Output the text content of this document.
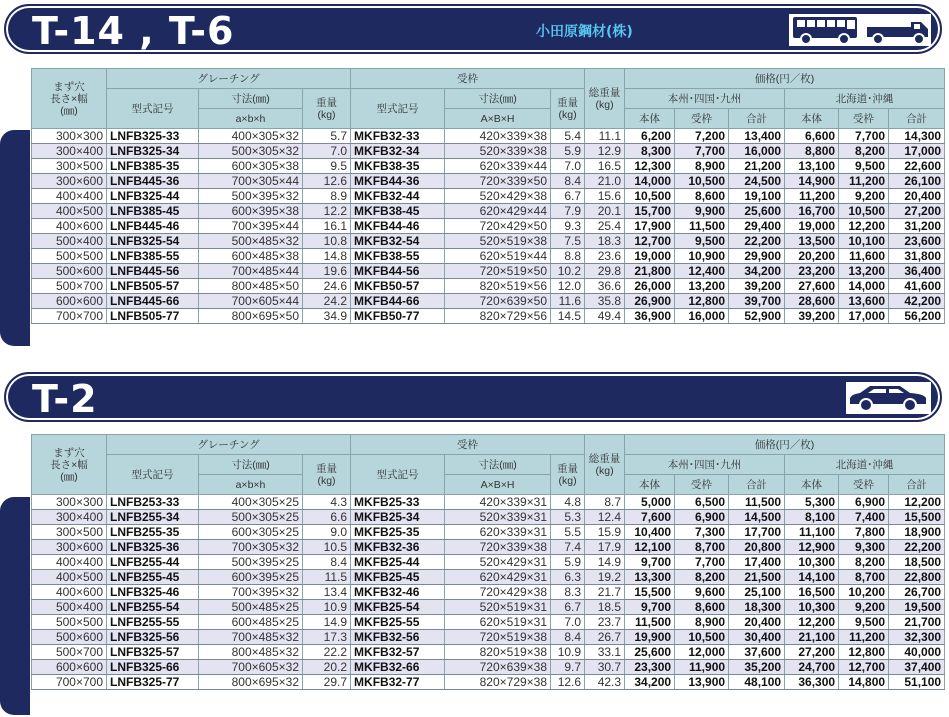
T-14 , T-6	小田原鋼材(株)
まず穴
長さ×幅
(㎜)	グレーチング			受枠			総重量
(kg)	価格(円／枚)					
	型式記号	寸法(㎜)	重量
(kg)	型式記号	寸法(㎜)	重量
(kg)		本州･四国･九州			北海道･沖縄		
		a×b×h			A×B×H			本体	受枠	合計	本体	受枠	合計
300×300	LNFB325-33	400×305×32	5.7	MKFB32-33	420×339×38	5.4	11.1	6,200	7,200	13,400	6,600	7,700	14,300
300×400	LNFB325-34	500×305×32	7.0	MKFB32-34	520×339×38	5.9	12.9	8,300	7,700	16,000	8,800	8,200	17,000
300×500	LNFB385-35	600×305×38	9.5	MKFB38-35	620×339×44	7.0	16.5	12,300	8,900	21,200	13,100	9,500	22,600
300×600	LNFB445-36	700×305×44	12.6	MKFB44-36	720×339×50	8.4	21.0	14,000	10,500	24,500	14,900	11,200	26,100
400×400	LNFB325-44	500×395×32	8.9	MKFB32-44	520×429×38	6.7	15.6	10,500	8,600	19,100	11,200	9,200	20,400
400×500	LNFB385-45	600×395×38	12.2	MKFB38-45	620×429×44	7.9	20.1	15,700	9,900	25,600	16,700	10,500	27,200
400×600	LNFB445-46	700×395×44	16.1	MKFB44-46	720×429×50	9.3	25.4	17,900	11,500	29,400	19,000	12,200	31,200
500×400	LNFB325-54	500×485×32	10.8	MKFB32-54	520×519×38	7.5	18.3	12,700	9,500	22,200	13,500	10,100	23,600
500×500	LNFB385-55	600×485×38	14.8	MKFB38-55	620×519×44	8.8	23.6	19,000	10,900	29,900	20,200	11,600	31,800
500×600	LNFB445-56	700×485×44	19.6	MKFB44-56	720×519×50	10.2	29.8	21,800	12,400	34,200	23,200	13,200	36,400
500×700	LNFB505-57	800×485×50	24.6	MKFB50-57	820×519×56	12.0	36.6	26,000	13,200	39,200	27,600	14,000	41,600
600×600	LNFB445-66	700×605×44	24.2	MKFB44-66	720×639×50	11.6	35.8	26,900	12,800	39,700	28,600	13,600	42,200
700×700	LNFB505-77	800×695×50	34.9	MKFB50-77	820×729×56	14.5	49.4	36,900	16,000	52,900	39,200	17,000	56,200
T-2
まず穴
長さ×幅
(㎜)	グレーチング			受枠			総重量
(kg)	価格(円／枚)					
	型式記号	寸法(㎜)	重量
(kg)	型式記号	寸法(㎜)	重量
(kg)		本州･四国･九州			北海道･沖縄		
		a×b×h			A×B×H			本体	受枠	合計	本体	受枠	合計
300×300	LNFB253-33	400×305×25	4.3	MKFB25-33	420×339×31	4.8	8.7	5,000	6,500	11,500	5,300	6,900	12,200
300×400	LNFB255-34	500×305×25	6.6	MKFB25-34	520×339×31	5.3	12.4	7,600	6,900	14,500	8,100	7,400	15,500
300×500	LNFB255-35	600×305×25	9.0	MKFB25-35	620×339×31	5.5	15.9	10,400	7,300	17,700	11,100	7,800	18,900
300×600	LNFB325-36	700×305×32	10.5	MKFB32-36	720×339×38	7.4	17.9	12,100	8,700	20,800	12,900	9,300	22,200
400×400	LNFB255-44	500×395×25	8.4	MKFB25-44	520×429×31	5.9	14.9	9,700	7,700	17,400	10,300	8,200	18,500
400×500	LNFB255-45	600×395×25	11.5	MKFB25-45	620×429×31	6.3	19.2	13,300	8,200	21,500	14,100	8,700	22,800
400×600	LNFB325-46	700×395×32	13.4	MKFB32-46	720×429×38	8.3	21.7	15,500	9,600	25,100	16,500	10,200	26,700
500×400	LNFB255-54	500×485×25	10.9	MKFB25-54	520×519×31	6.7	18.5	9,700	8,600	18,300	10,300	9,200	19,500
500×500	LNFB255-55	600×485×25	14.9	MKFB25-55	620×519×31	7.0	23.7	11,500	8,900	20,400	12,200	9,500	21,700
500×600	LNFB325-56	700×485×32	17.3	MKFB32-56	720×519×38	8.4	26.7	19,900	10,500	30,400	21,100	11,200	32,300
500×700	LNFB325-57	800×485×32	22.2	MKFB32-57	820×519×38	10.9	33.1	25,600	12,000	37,600	27,200	12,800	40,000
600×600	LNFB325-66	700×605×32	20.2	MKFB32-66	720×639×38	9.7	30.7	23,300	11,900	35,200	24,700	12,700	37,400
700×700	LNFB325-77	800×695×32	29.7	MKFB32-77	820×729×38	12.6	42.3	34,200	13,900	48,100	36,300	14,800	51,100
